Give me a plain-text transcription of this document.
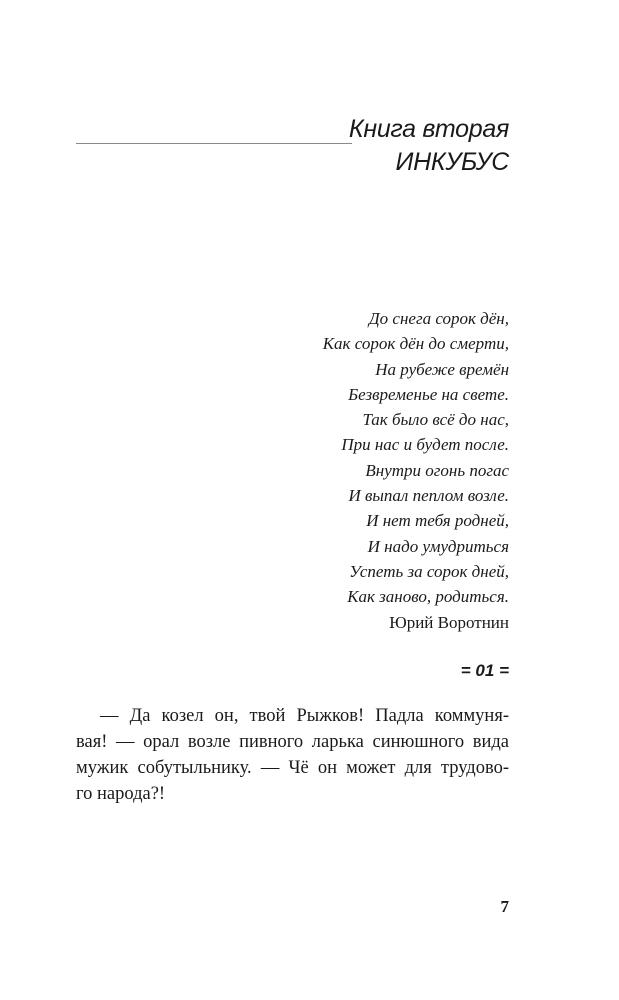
Книга вторая
ИНКУБУС
До снега сорок дён,
Как сорок дён до смерти,
На рубеже времён
Безвременье на свете.
Так было всё до нас,
При нас и будет после.
Внутри огонь погас
И выпал пеплом возле.
И нет тебя родней,
И надо умудриться
Успеть за сорок дней,
Как заново, родиться.
Юрий Воротнин
= 01 =
— Да козел он, твой Рыжков! Падла коммуня-
вая! — орал возле пивного ларька синюшного вида
мужик собутыльнику. — Чё он может для трудово-
го народа?!
7
